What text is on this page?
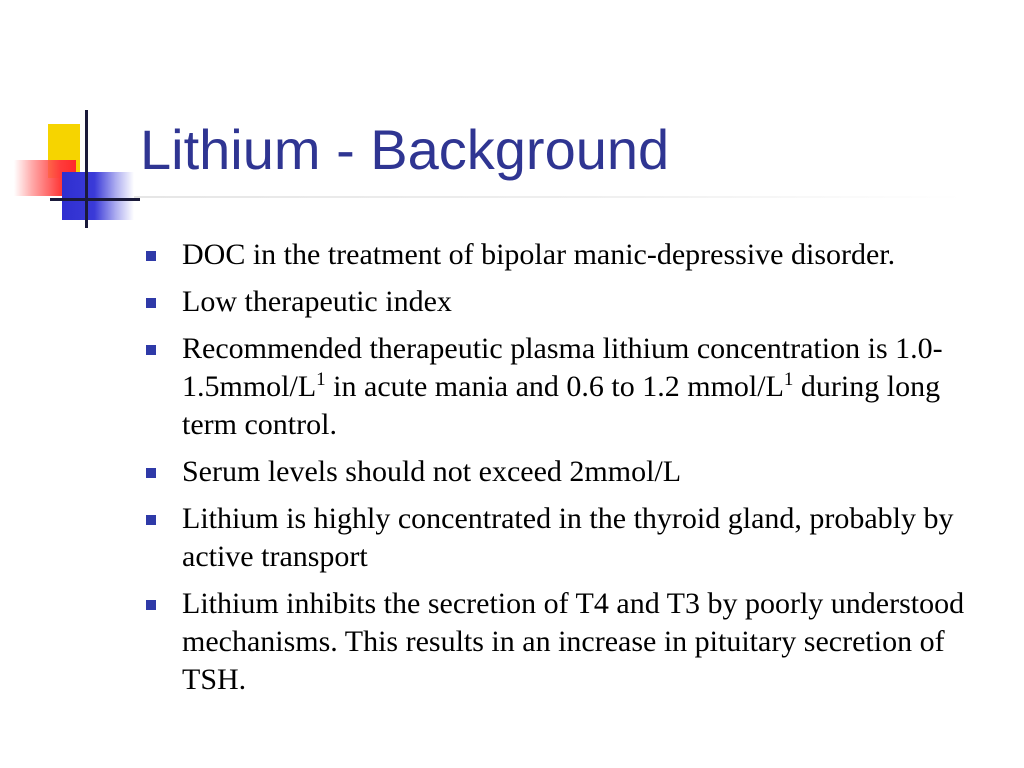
Lithium - Background
DOC in the treatment of bipolar manic-depressive disorder.
Low therapeutic index
Recommended therapeutic plasma lithium concentration is $1.0-1.5mmol/L^1$ in acute mania and 0.6 to 1.2 mmol/$L^1$ during long term control.
Serum levels should not exceed 2mmol/L
Lithium is highly concentrated in the thyroid gland, probably by active transport
Lithium inhibits the secretion of T4 and T3 by poorly understood mechanisms. This results in an increase in pituitary secretion of TSH.
